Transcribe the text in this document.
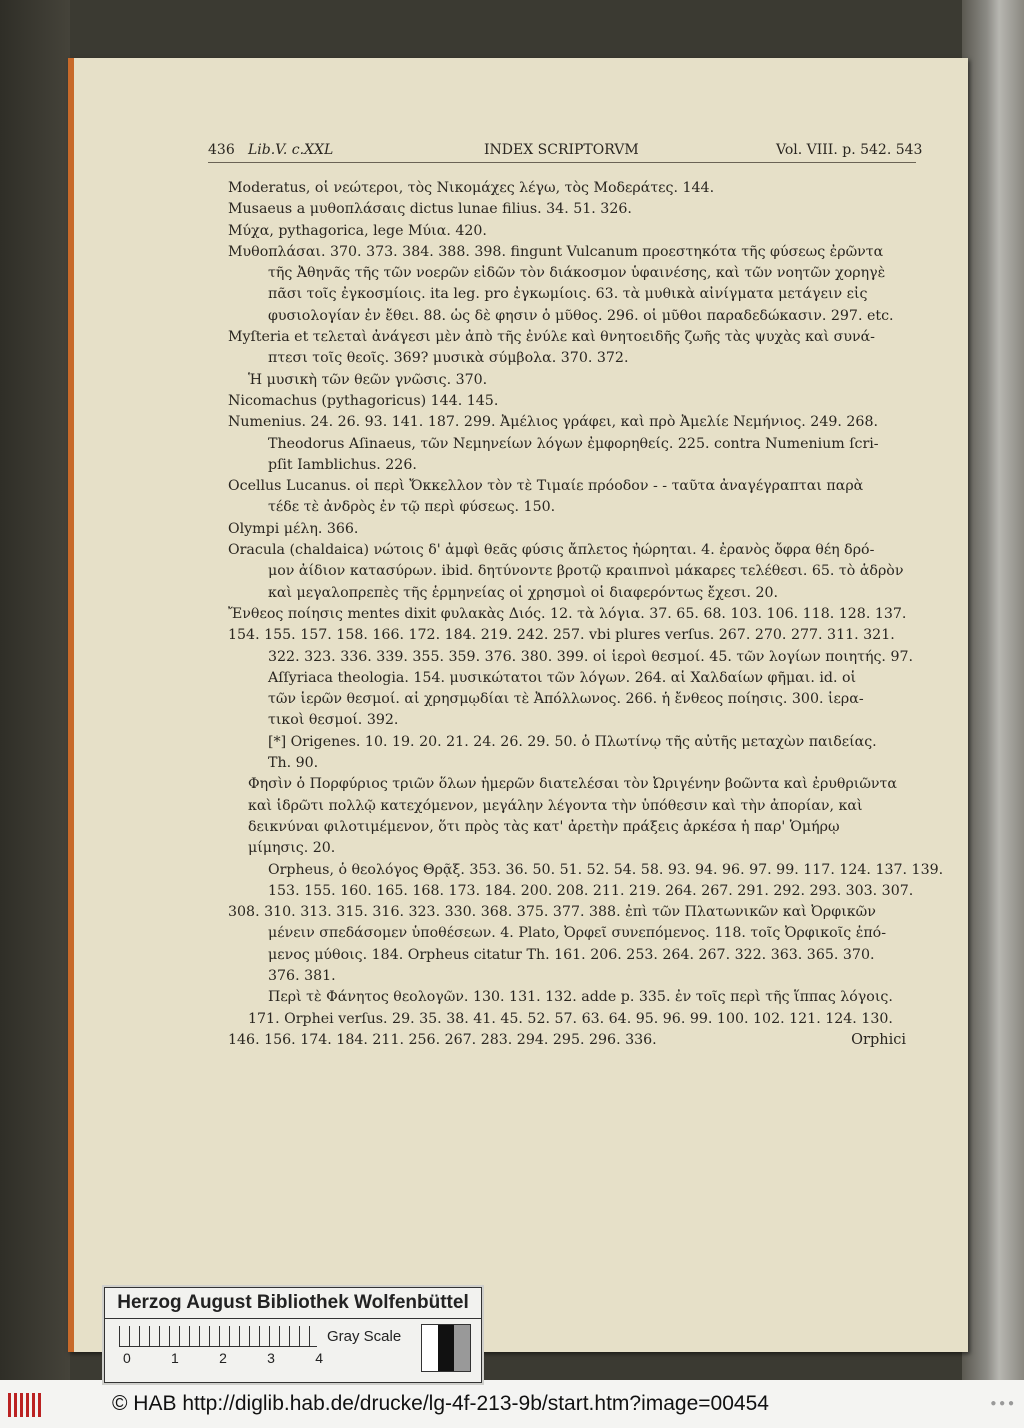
436 Lib.V. c.XXL	INDEX SCRIPTORVM	Vol. VIII. p. 542. 543
Moderatus, οἱ νεώτεροι, τὸς Νικομάχες λέγω, τὸς Μοδεράτες. 144.
Musaeus a μυθοπλάσαις dictus lunae filius. 34. 51. 326.
Μύχα, pythagorica, lege Μύια. 420.
Μυθοπλάσαι. 370. 373. 384. 388. 398. fingunt Vulcanum προεστηκότα τῆς φύσεως ἐρῶντα
τῆς Ἀθηνᾶς τῆς τῶν νοερῶν εἰδῶν τὸν διάκοσμον ὑφαινέσης, καὶ τῶν νοητῶν χορηγὲ
πᾶσι τοῖς ἐγκοσμίοις. ita leg. pro ἐγκωμίοις. 63. τὰ μυθικὰ αἰνίγματα μετάγειν εἰς
φυσιολογίαν ἐν ἔθει. 88. ὡς δὲ φησιν ὁ μῦθος. 296. οἱ μῦθοι παραδεδώκασιν. 297. etc.
Myſteria et τελεταὶ ἀνάγεσι μὲν ἀπὸ τῆς ἐνύλε καὶ θνητοειδῆς ζωῆς τὰς ψυχὰς καὶ συνά-
πτεσι τοῖς θεοῖς. 369? μυσικὰ σύμβολα. 370. 372.
Ἡ μυσικὴ τῶν θεῶν γνῶσις. 370.
Nicomachus (pythagoricus) 144. 145.
Numenius. 24. 26. 93. 141. 187. 299. Ἀμέλιος γράφει, καὶ πρὸ Ἀμελίε Νεμήνιος. 249. 268.
Theodorus Aſinaeus, τῶν Νεμηνείων λόγων ἐμφορηθείς. 225. contra Numenium ſcri-
pſit Iamblichus. 226.
Ocellus Lucanus. οἱ περὶ Ὄκκελλον τὸν τὲ Τιμαίε πρόοδον - - ταῦτα ἀναγέγραπται παρὰ
τέδε τὲ ἀνδρὸς ἐν τῷ περὶ φύσεως. 150.
Olympi μέλη. 366.
Oracula (chaldaica) νώτοις δ' ἀμφὶ θεᾶς φύσις ἄπλετος ἠώρηται. 4. ἐρανὸς ὄφρα θέη δρό-
μον ἀίδιον κατασύρων. ibid. δητύνοντε βροτῷ κραιπνοὶ μάκαρες τελέθεσι. 65. τὸ ἁδρὸν
καὶ μεγαλοπρεπὲς τῆς ἑρμηνείας οἱ χρησμοὶ οἱ διαφερόντως ἔχεσι. 20.
Ἔνθεος ποίησις mentes dixit φυλακὰς Διός. 12. τὰ λόγια. 37. 65. 68. 103. 106. 118. 128. 137.
154. 155. 157. 158. 166. 172. 184. 219. 242. 257. vbi plures verſus. 267. 270. 277. 311. 321.
322. 323. 336. 339. 355. 359. 376. 380. 399. οἱ ἱεροὶ θεσμοί. 45. τῶν λογίων ποιητής. 97.
Aſſyriaca theologia. 154. μυσικώτατοι τῶν λόγων. 264. αἱ Χαλδαίων φῆμαι. id. οἱ
τῶν ἱερῶν θεσμοί. αἱ χρησμῳδίαι τὲ Ἀπόλλωνος. 266. ἡ ἔνθεος ποίησις. 300. ἱερα-
τικοὶ θεσμοί. 392.
[*] Origenes. 10. 19. 20. 21. 24. 26. 29. 50. ὁ Πλωτίνῳ τῆς αὐτῆς μεταχὼν παιδείας.
Th. 90.
Φησὶν ὁ Πορφύριος τριῶν ὅλων ἡμερῶν διατελέσαι τὸν Ὠριγένην βοῶντα καὶ ἐρυθριῶντα
καὶ ἱδρῶτι πολλῷ κατεχόμενον, μεγάλην λέγοντα τὴν ὑπόθεσιν καὶ τὴν ἀπορίαν, καὶ
δεικνύναι φιλοτιμέμενον, ὅτι πρὸς τὰς κατ' ἀρετὴν πράξεις ἀρκέσα ἡ παρ' Ὁμήρῳ
μίμησις. 20.
Orpheus, ὁ θεολόγος Θρᾷξ. 353. 36. 50. 51. 52. 54. 58. 93. 94. 96. 97. 99. 117. 124. 137. 139.
153. 155. 160. 165. 168. 173. 184. 200. 208. 211. 219. 264. 267. 291. 292. 293. 303. 307.
308. 310. 313. 315. 316. 323. 330. 368. 375. 377. 388. ἐπὶ τῶν Πλατωνικῶν καὶ Ὀρφικῶν
μένειν σπεδάσομεν ὑποθέσεων. 4. Plato, Ὀρφεῖ συνεπόμενος. 118. τοῖς Ὀρφικοῖς ἑπό-
μενος μύθοις. 184. Orpheus citatur Th. 161. 206. 253. 264. 267. 322. 363. 365. 370.
376. 381.
Περὶ τὲ Φάνητος θεολογῶν. 130. 131. 132. adde p. 335. ἐν τοῖς περὶ τῆς ἵππας λόγοις.
171. Orphei verſus. 29. 35. 38. 41. 45. 52. 57. 63. 64. 95. 96. 99. 100. 102. 121. 124. 130.
146. 156. 174. 184. 211. 256. 267. 283. 294. 295. 296. 336.	Orphici
© HAB http://diglib.hab.de/drucke/lg-4f-213-9b/start.htm?image=00454	● ● ●
Herzog August Bibliothek Wolfenbüttel
Gray Scale
0	1	2	3	4
